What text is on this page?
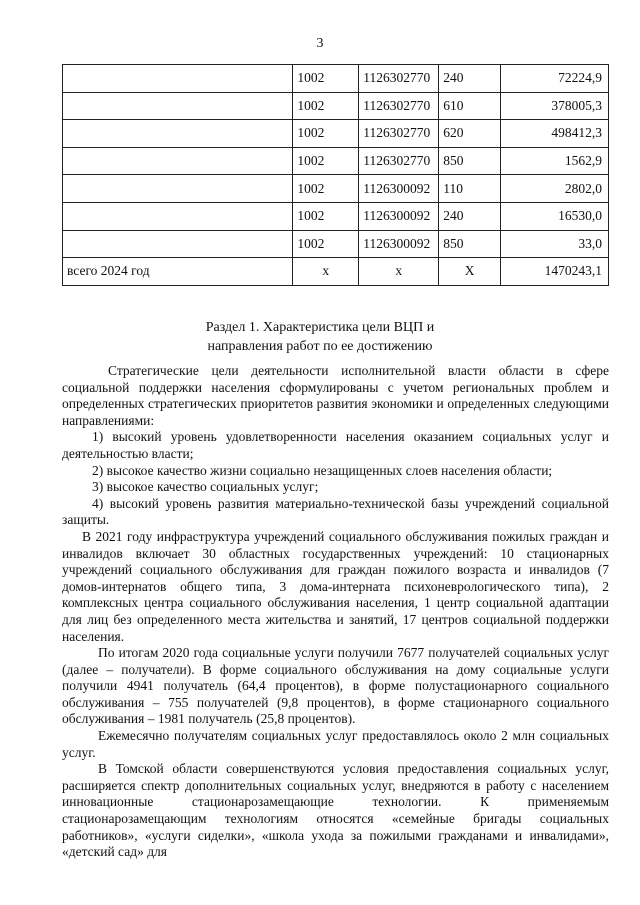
3
	1002	1126302770	240	72224,9
	1002	1126302770	610	378005,3
	1002	1126302770	620	498412,3
	1002	1126302770	850	1562,9
	1002	1126300092	110	2802,0
	1002	1126300092	240	16530,0
	1002	1126300092	850	33,0
всего 2024 год	х	х	Х	1470243,1
Раздел 1. Характеристика цели ВЦП и
направления работ по ее достижению

Стратегические цели деятельности исполнительной власти области в сфере социальной поддержки населения сформулированы с учетом региональных проблем и определенных стратегических приоритетов развития экономики и определенных следующими направлениями:

1) высокий уровень удовлетворенности населения оказанием социальных услуг и деятельностью власти;

2) высокое качество жизни социально незащищенных слоев населения области;

3) высокое качество социальных услуг;

4) высокий уровень развития материально-технической базы учреждений социальной защиты.

В 2021 году инфраструктура учреждений социального обслуживания пожилых граждан и инвалидов включает 30 областных государственных учреждений: 10 стационарных учреждений социального обслуживания для граждан пожилого возраста и инвалидов (7 домов-интернатов общего типа, 3 дома-интерната психоневрологического типа), 2 комплексных центра социального обслуживания населения, 1 центр социальной адаптации для лиц без определенного места жительства и занятий, 17 центров социальной поддержки населения.

По итогам 2020 года социальные услуги получили 7677 получателей социальных услуг (далее – получатели). В форме социального обслуживания на дому социальные услуги получили 4941 получатель (64,4 процентов), в форме полустационарного социального обслуживания – 755 получателей (9,8 процентов), в форме стационарного социального обслуживания – 1981 получатель (25,8 процентов).

Ежемесячно получателям социальных услуг предоставлялось около 2 млн социальных услуг.

В Томской области совершенствуются условия предоставления социальных услуг, расширяется спектр дополнительных социальных услуг, внедряются в работу с населением инновационные стационарозамещающие технологии. К применяемым стационарозамещающим технологиям относятся «семейные бригады социальных работников», «услуги сиделки», «школа ухода за пожилыми гражданами и инвалидами», «детский сад» для
